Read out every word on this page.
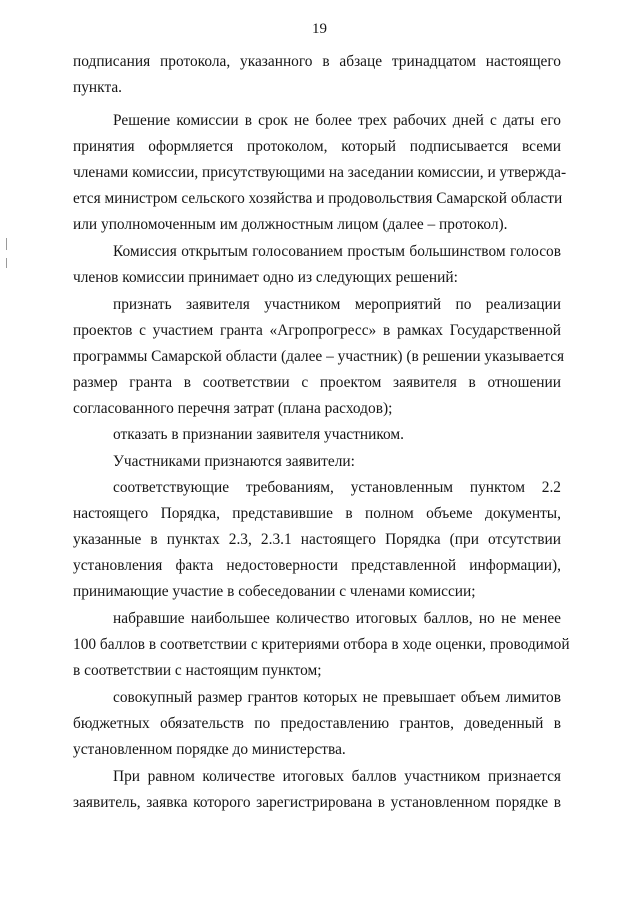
19
подписания протокола, указанного в абзаце тринадцатом настоящего
пункта.
Решение комиссии в срок не более трех рабочих дней с даты его
принятия оформляется протоколом, который подписывается всеми
членами комиссии, присутствующими на заседании комиссии, и утвержда-
ется министром сельского хозяйства и продовольствия Самарской области
или уполномоченным им должностным лицом (далее – протокол).
Комиссия открытым голосованием простым большинством голосов
членов комиссии принимает одно из следующих решений:
признать заявителя участником мероприятий по реализации
проектов с участием гранта «Агропрогресс» в рамках Государственной
программы Самарской области (далее – участник) (в решении указывается
размер гранта в соответствии с проектом заявителя в отношении
согласованного перечня затрат (плана расходов);
отказать в признании заявителя участником.
Участниками признаются заявители:
соответствующие требованиям, установленным пунктом 2.2
настоящего Порядка, представившие в полном объеме документы,
указанные в пунктах 2.3, 2.3.1 настоящего Порядка (при отсутствии
установления факта недостоверности представленной информации),
принимающие участие в собеседовании с членами комиссии;
набравшие наибольшее количество итоговых баллов, но не менее
100 баллов в соответствии с критериями отбора в ходе оценки, проводимой
в соответствии с настоящим пунктом;
совокупный размер грантов которых не превышает объем лимитов
бюджетных обязательств по предоставлению грантов, доведенный в
установленном порядке до министерства.
При равном количестве итоговых баллов участником признается
заявитель, заявка которого зарегистрирована в установленном порядке в
